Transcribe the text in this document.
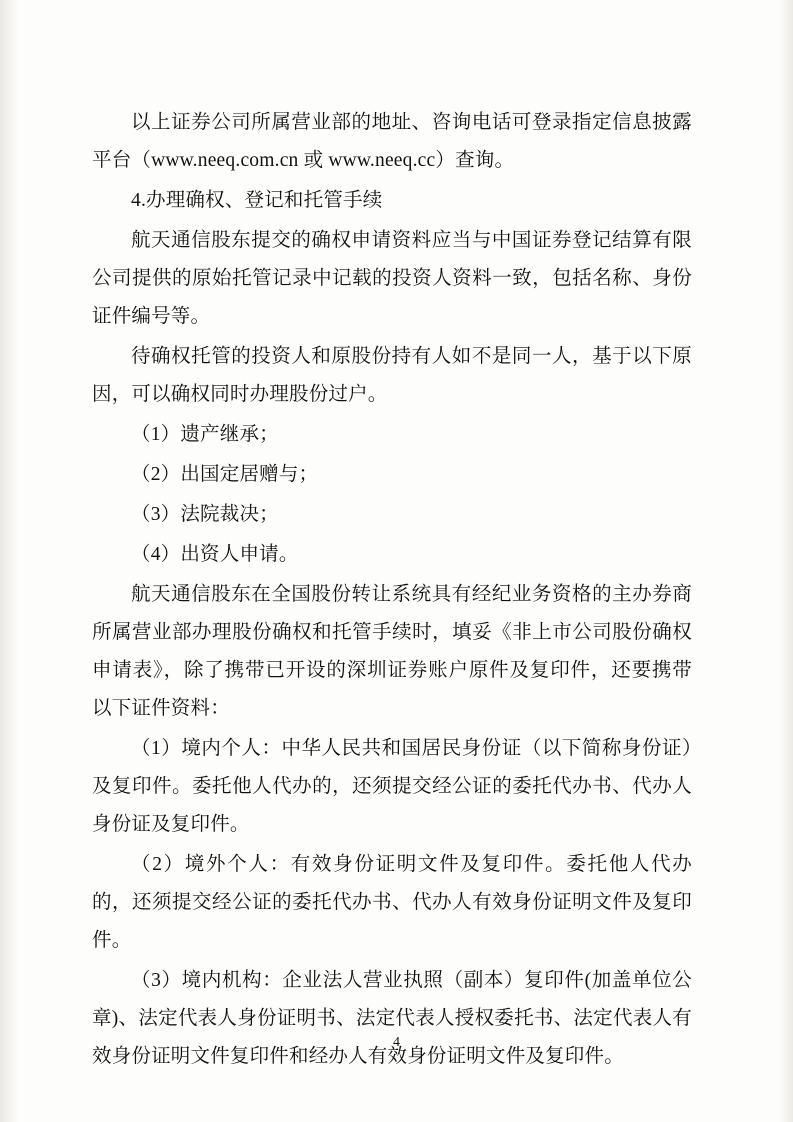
以上证券公司所属营业部的地址、咨询电话可登录指定信息披露平台（www.neeq.com.cn 或 www.neeq.cc）查询。

4.办理确权、登记和托管手续

航天通信股东提交的确权申请资料应当与中国证券登记结算有限公司提供的原始托管记录中记载的投资人资料一致，包括名称、身份证件编号等。

待确权托管的投资人和原股份持有人如不是同一人，基于以下原因，可以确权同时办理股份过户。

（1）遗产继承；

（2）出国定居赠与；

（3）法院裁决；

（4）出资人申请。

航天通信股东在全国股份转让系统具有经纪业务资格的主办券商所属营业部办理股份确权和托管手续时，填妥《非上市公司股份确权申请表》，除了携带已开设的深圳证券账户原件及复印件，还要携带以下证件资料：

（1）境内个人：中华人民共和国居民身份证（以下简称身份证）及复印件。委托他人代办的，还须提交经公证的委托代办书、代办人身份证及复印件。

（2）境外个人：有效身份证明文件及复印件。委托他人代办的，还须提交经公证的委托代办书、代办人有效身份证明文件及复印件。

（3）境内机构：企业法人营业执照（副本）复印件(加盖单位公章)、法定代表人身份证明书、法定代表人授权委托书、法定代表人有效身份证明文件复印件和经办人有效身份证明文件及复印件。

4
